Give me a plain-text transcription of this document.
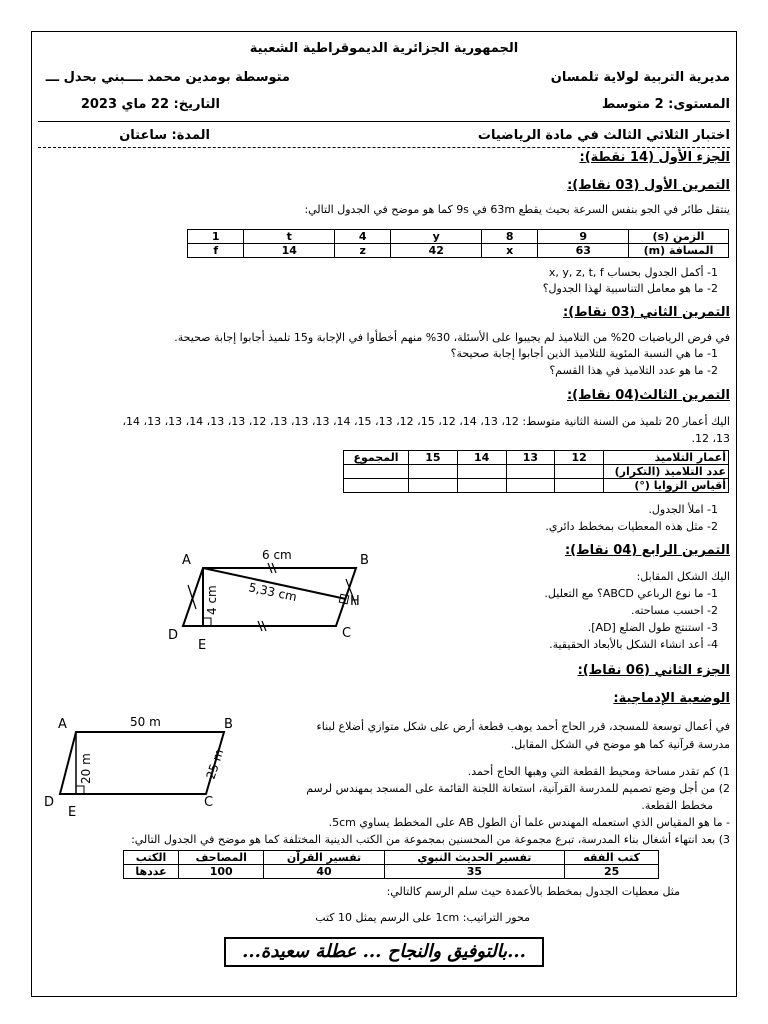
الجمهورية الجزائرية الديموقراطية الشعبية
مديرية التربية لولاية تلمسان
متوسطة بومدين محمد ــــبني بحدل ـــ
المستوى: 2 متوسط
التاريخ: 22 ماي 2023
اختبار الثلاثي الثالث في مادة الرياضيات
المدة: ساعتان
الجزء الأول (14 نقطة):
التمرين الأول (03 نقاط):
ينتقل طائر في الجو بنفس السرعة بحيث يقطع 63m في 9s كما هو موضح في الجدول التالي:
الزمن (s)	9	8	y	4	t	1
المسافة (m)	63	x	42	z	14	f
1- أكمل الجدول بحساب x, y, z, t, f
2- ما هو معامل التناسبية لهذا الجدول؟
التمرين الثاني (03 نقاط):
في فرض الرياضيات 20% من التلاميذ لم يجيبوا على الأسئلة، 30% منهم أخطأوا في الإجابة و15 تلميذ أجابوا إجابة صحيحة.
1- ما هي النسبة المئوية للتلاميذ الذين أجابوا إجابة صحيحة؟
2- ما هو عدد التلاميذ في هذا القسم؟
التمرين الثالث(04 نقاط):
اليك أعمار 20 تلميذ من السنة الثانية متوسط: 12، 13، 14، 12، 15، 12، 13، 15، 14، 13، 13، 13، 12، 13، 13، 14، 13، 13، 14،
13، 12.
أعمار التلاميذ	12	13	14	15	المجموع
عدد التلاميذ (التكرار)					
أقياس الزوايا (°)					
1- املأ الجدول.
2- مثل هذه المعطيات بمخطط دائري.
التمرين الرابع (04 نقاط):
اليك الشكل المقابل:
1- ما نوع الرباعي ABCD؟ مع التعليل.
2- احسب مساحته.
3- استنتج طول الضلع [AD].
4- أعد انشاء الشكل بالأبعاد الحقيقية.
A	B
C
D
E
H
6 cm
5,33 cm
4 cm
الجزء الثاني (06 نقاط):
الوضعية الإدماجية:
في أعمال توسعة للمسجد، قرر الحاج أحمد يوهب قطعة أرض على شكل متوازي أضلاع لبناء
مدرسة قرآنية كما هو موضح في الشكل المقابل.
1) كم تقدر مساحة ومحيط القطعة التي وهبها الحاج أحمد.
2) من أجل وضع تصميم للمدرسة القرآنية، استعانة اللجنة القائمة على المسجد بمهندس لرسم
مخطط القطعة.
- ما هو المقياس الذي استعمله المهندس علما أن الطول AB على المخطط يساوي 5cm.
3) بعد انتهاء أشغال بناء المدرسة، تبرع مجموعة من المحسنين بمجموعة من الكتب الدينية المختلفة كما هو موضح في الجدول التالي:
الكتب	المصاحف	تفسير القرآن	تفسير الحديث النبوي	كتب الفقه
عددها	100	40	35	25
مثل معطيات الجدول بمخطط بالأعمدة حيث سلم الرسم كالتالي:
محور التراتيب: 1cm على الرسم يمثل 10 كتب
A	B
C
D
E
50 m
20 m	25 m
...بالتوفيق والنجاح ... عطلة سعيدة...
